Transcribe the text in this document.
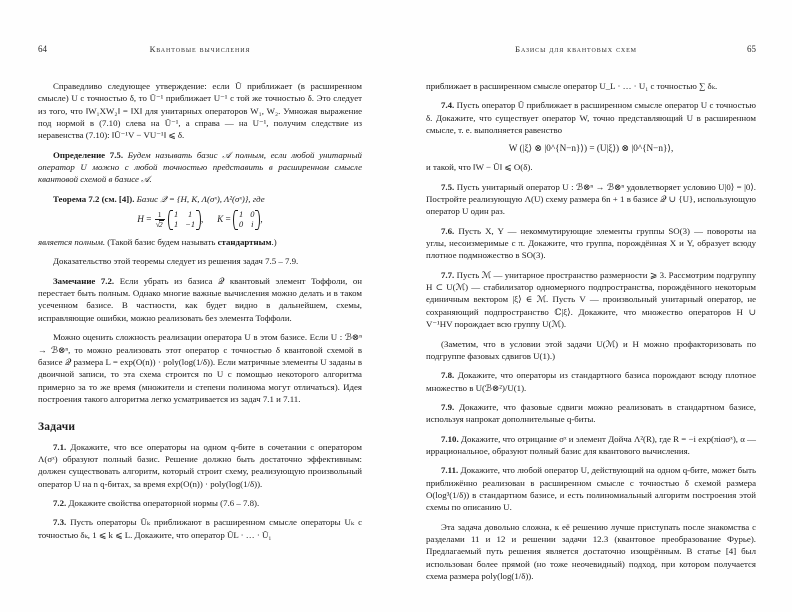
64	Квантовые вычисления

Справедливо следующее утверждение: если Ũ приближает (в расширенном смысле) U с точностью δ, то Ũ⁻¹ приближает U⁻¹ с той же точностью δ. Это следует из того, что ‖W₁XW₂‖ = ‖X‖ для унитарных операторов W₁, W₂. Умножая выражение под нормой в (7.10) слева на Ũ⁻¹, а справа — на U⁻¹, получим следствие из неравенства (7.10): ‖Ũ⁻¹V − VU⁻¹‖ ⩽ δ.

Определение 7.5. Будем называть базис 𝒜 полным, если любой унитарный оператор U можно с любой точностью представить в расширенном смысле квантовой схемой в базисе 𝒜.

Теорема 7.2 (см. [4]). Базис 𝒬 = {H, K, Λ(σˣ), Λ²(σˣ)}, где

$H = \frac{1}{√2}$
1	1
1 −1
, K = 1 0
0 i
,

является полным. (Такой базис будем называть стандартным.)

Доказательство этой теоремы следует из решения задач 7.5 – 7.9.

Замечание 7.2. Если убрать из базиса 𝒬 квантовый элемент Тоффоли, он перестает быть полным. Однако многие важные вычисления можно делать и в таком усеченном базисе. В частности, как будет видно в дальнейшем, схемы, исправляющие ошибки, можно реализовать без элемента Тоффоли.

Можно оценить сложность реализации оператора U в этом базисе. Если U : ℬ⊗ⁿ → ℬ⊗ⁿ, то можно реализовать этот оператор с точностью δ квантовой схемой в базисе 𝒬 размера L = exp(O(n)) · poly(log(1/δ)). Если матричные элементы U заданы в двоичной записи, то эта схема строится по U с помощью некоторого алгоритма примерно за то же время (множители и степени полинома могут отличаться). Идея построения такого алгоритма легко усматривается из задач 7.1 и 7.11.

Задачи

7.1. Докажите, что все операторы на одном q-бите в сочетании с оператором Λ(σˣ) образуют полный базис. Решение должно быть достаточно эффективным: должен существовать алгоритм, который строит схему, реализующую произвольный оператор U на n q-битах, за время exp(O(n)) · poly(log(1/δ)).

7.2. Докажите свойства операторной нормы (7.6 – 7.8).

7.3. Пусть операторы Ũₖ приближают в расширенном смысле операторы Uₖ с точностью δₖ, 1 ⩽ k ⩽ L. Докажите, что оператор ŨL · … · Ũ₁

Базисы для квантовых схем	65

приближает в расширенном смысле оператор U_L · … · U₁ с точностью ∑ δₖ.

7.4. Пусть оператор Ũ приближает в расширенном смысле оператор U с точностью δ. Докажите, что существует оператор W, точно представляющий U в расширенном смысле, т. е. выполняется равенство

W (|ξ⟩ ⊗ |0^{N−n}⟩) = (U|ξ⟩) ⊗ |0^{N−n}⟩,

и такой, что ‖W − Ũ‖ ⩽ O(δ).

7.5. Пусть унитарный оператор U : ℬ⊗ⁿ → ℬ⊗ⁿ удовлетворяет условию U|0⟩ = |0⟩. Постройте реализующую Λ(U) схему размера 6n + 1 в базисе 𝒬 ∪ {U}, использующую оператор U один раз.

7.6. Пусть X, Y — некоммутирующие элементы группы SO(3) — повороты на углы, несоизмеримые с π. Докажите, что группа, порождённая X и Y, образует всюду плотное подмножество в SO(3).

7.7. Пусть ℳ — унитарное пространство размерности ⩾ 3. Рассмотрим подгруппу H ⊂ U(ℳ) — стабилизатор одномерного подпространства, порождённого некоторым единичным вектором |ξ⟩ ∈ ℳ. Пусть V — произвольный унитарный оператор, не сохраняющий подпространство ℂ|ξ⟩. Докажите, что множество операторов H ∪ V⁻¹HV порождает всю группу U(ℳ).

(Заметим, что в условии этой задачи U(ℳ) и H можно профакторизовать по подгруппе фазовых сдвигов U(1).)

7.8. Докажите, что операторы из стандартного базиса порождают всюду плотное множество в U(ℬ⊗²)/U(1).

7.9. Докажите, что фазовые сдвиги можно реализовать в стандартном базисе, используя напрокат дополнительные q-биты.

7.10. Докажите, что отрицание σˣ и элемент Дойча Λ²(R), где R = −i exp(πiασˣ), α — иррациональное, образуют полный базис для квантового вычисления.

7.11. Докажите, что любой оператор U, действующий на одном q-бите, может быть приближённо реализован в расширенном смысле с точностью δ схемой размера O(log³(1/δ)) в стандартном базисе, и есть полиномиальный алгоритм построения этой схемы по описанию U.

Эта задача довольно сложна, к её решению лучше приступать после знакомства с разделами 11 и 12 и решении задачи 12.3 (квантовое преобразование Фурье). Предлагаемый путь решения является достаточно изощрённым. В статье [4] был использован более прямой (но тоже неочевидный) подход, при котором получается схема размера poly(log(1/δ)).
